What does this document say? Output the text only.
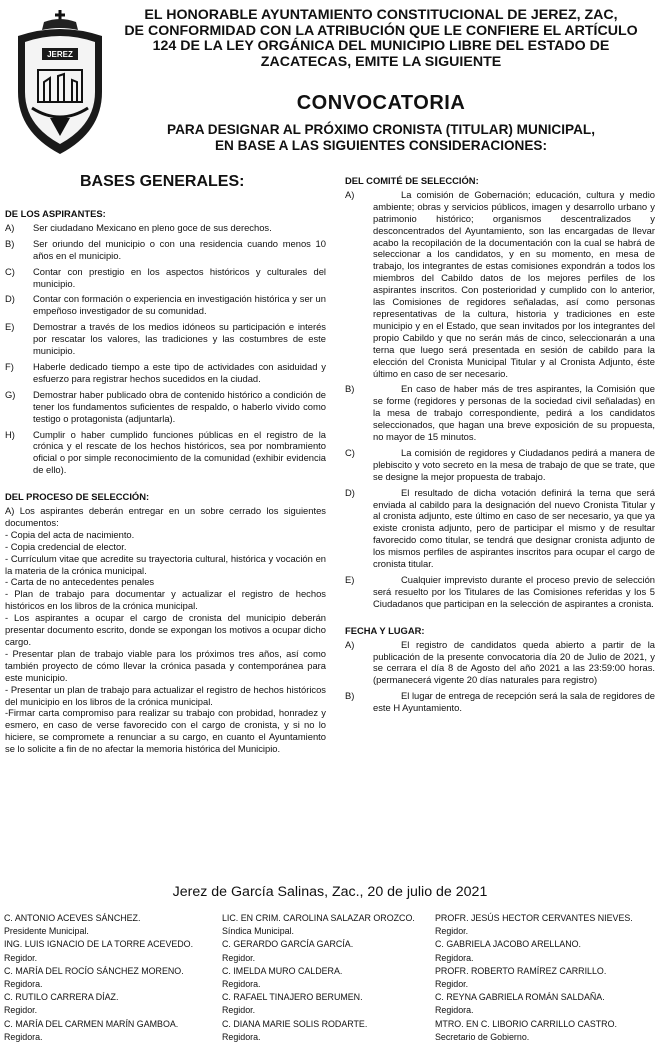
JEREZ
EL HONORABLE AYUNTAMIENTO CONSTITUCIONAL DE JEREZ, ZAC,
DE CONFORMIDAD CON LA ATRIBUCIÓN QUE LE CONFIERE EL ARTÍCULO
124 DE LA LEY ORGÁNICA DEL MUNICIPIO LIBRE DEL ESTADO DE
ZACATECAS, EMITE LA SIGUIENTE
CONVOCATORIA
PARA DESIGNAR AL PRÓXIMO CRONISTA (TITULAR) MUNICIPAL,
EN BASE A LAS SIGUIENTES CONSIDERACIONES:
BASES GENERALES:
DE LOS ASPIRANTES:
A)	Ser ciudadano Mexicano en pleno goce de sus derechos.
B)	Ser oriundo del municipio o con una residencia cuando menos 10 años en el municipio.
C)	Contar con prestigio en los aspectos históricos y culturales del municipio.
D)	Contar con formación o experiencia en investigación histórica y ser un empeñoso investigador de su comunidad.
E)	Demostrar a través de los medios idóneos su participación e interés por rescatar los valores, las tradiciones y las costumbres de este municipio.
F)	Haberle dedicado tiempo a este tipo de actividades con asiduidad y esfuerzo para registrar hechos sucedidos en la ciudad.
G)	Demostrar haber publicado obra de contenido histórico a condición de tener los fundamentos suficientes de respaldo, o haberlo vivido como testigo o protagonista (adjuntarla).
H)	Cumplir o haber cumplido funciones públicas en el registro de la crónica y el rescate de los hechos históricos, sea por nombramiento oficial o por simple reconocimiento de la comunidad (exhibir evidencia de ello).
DEL PROCESO DE SELECCIÓN:

A) Los aspirantes deberán entregar en un sobre cerrado los siguientes documentos:

- Copia del acta de nacimiento.

- Copia credencial de elector.

- Currículum vitae que acredite su trayectoria cultural, histórica y vocación en la materia de la crónica municipal.

- Carta de no antecedentes penales

- Plan de trabajo para documentar y actualizar el registro de hechos históricos en los libros de la crónica municipal.

- Los aspirantes a ocupar el cargo de cronista del municipio deberán presentar documento escrito, donde se expongan los motivos a ocupar dicho cargo.

- Presentar plan de trabajo viable para los próximos tres años, así como también proyecto de cómo llevar la crónica pasada y contemporánea para este municipio.

- Presentar un plan de trabajo para actualizar el registro de hechos históricos del municipio en los libros de la crónica municipal.

-Firmar carta compromiso para realizar su trabajo con probidad, honradez y esmero, en caso de verse favorecido con el cargo de cronista, y si no lo hiciere, se compromete a renunciar a su cargo, en cuanto el Ayuntamiento se lo solicite a fin de no afectar la memoria histórica del Municipio.

DEL COMITÉ DE SELECCIÓN:
A)	La comisión de Gobernación; educación, cultura y medio ambiente; obras y servicios públicos, imagen y desarrollo urbano y patrimonio histórico; organismos descentralizados y desconcentrados del Ayuntamiento, son las encargadas de llevar acabo la recopilación de la documentación con la cual se habrá de seleccionar a los candidatos, y en su momento, en mesa de trabajo, los integrantes de estas comisiones expondrán a todos los miembros del Cabildo datos de los mejores perfiles de los aspirantes inscritos. Con posterioridad y cumplido con lo anterior, las Comisiones de regidores señaladas, así como personas representativas de la cultura, historia y tradiciones en este municipio y en el Estado, que sean invitados por los integrantes del propio Cabildo y que no serán más de cinco, seleccionarán a una terna que luego será presentada en sesión de cabildo para la elección del Cronista Municipal Titular y al Cronista Adjunto, éste último en caso de ser necesario.
B)	En caso de haber más de tres aspirantes, la Comisión que se forme (regidores y personas de la sociedad civil señaladas) en la mesa de trabajo correspondiente, pedirá a los candidatos seleccionados, que hagan una breve exposición de su propuesta, no mayor de 15 minutos.
C)	La comisión de regidores y Ciudadanos pedirá a manera de plebiscito y voto secreto en la mesa de trabajo de que se trate, que se designe la mejor propuesta de trabajo.
D)	El resultado de dicha votación definirá la terna que será enviada al cabildo para la designación del nuevo Cronista Titular y al cronista adjunto, este último en caso de ser necesario, ya que ya existe cronista adjunto, pero de participar el mismo y de resultar favorecido como titular, se tendrá que designar cronista adjunto de los mismos perfiles de aspirantes inscritos para ocupar el cargo de cronista titular.
E)	Cualquier imprevisto durante el proceso previo de selección será resuelto por los Titulares de las Comisiones referidas y los 5 Ciudadanos que participan en la selección de aspirantes a cronista.
FECHA Y LUGAR:
A)	El registro de candidatos queda abierto a partir de la publicación de la presente convocatoria día 20 de Julio de 2021, y se cerrara el día 8 de Agosto del año 2021 a las 23:59:00 horas. (permanecerá vigente 20 días naturales para registro)
B)	El lugar de entrega de recepción será la sala de regidores de este H Ayuntamiento.
Jerez de García Salinas, Zac., 20 de julio de 2021

C. ANTONIO ACEVES SÁNCHEZ.

Presidente Municipal.

ING. LUIS IGNACIO DE LA TORRE ACEVEDO.

Regidor.

C. MARÍA DEL ROCÍO SÁNCHEZ MORENO.

Regidora.

C. RUTILO CARRERA DÍAZ.

Regidor.

C. MARÍA DEL CARMEN MARÍN GAMBOA.

Regidora.

LIC. EN CRIM. CAROLINA SALAZAR OROZCO.

Síndica Municipal.

C. GERARDO GARCÍA GARCÍA.

Regidor.

C. IMELDA MURO CALDERA.

Regidora.

C. RAFAEL TINAJERO BERUMEN.

Regidor.

C. DIANA MARIE SOLIS RODARTE.

Regidora.

PROFR. JESÚS HECTOR CERVANTES NIEVES.

Regidor.

C. GABRIELA JACOBO ARELLANO.

Regidora.

PROFR. ROBERTO RAMÍREZ CARRILLO.

Regidor.

C. REYNA GABRIELA ROMÁN SALDAÑA.

Regidora.

MTRO. EN C. LIBORIO CARRILLO CASTRO.

Secretario de Gobierno.
